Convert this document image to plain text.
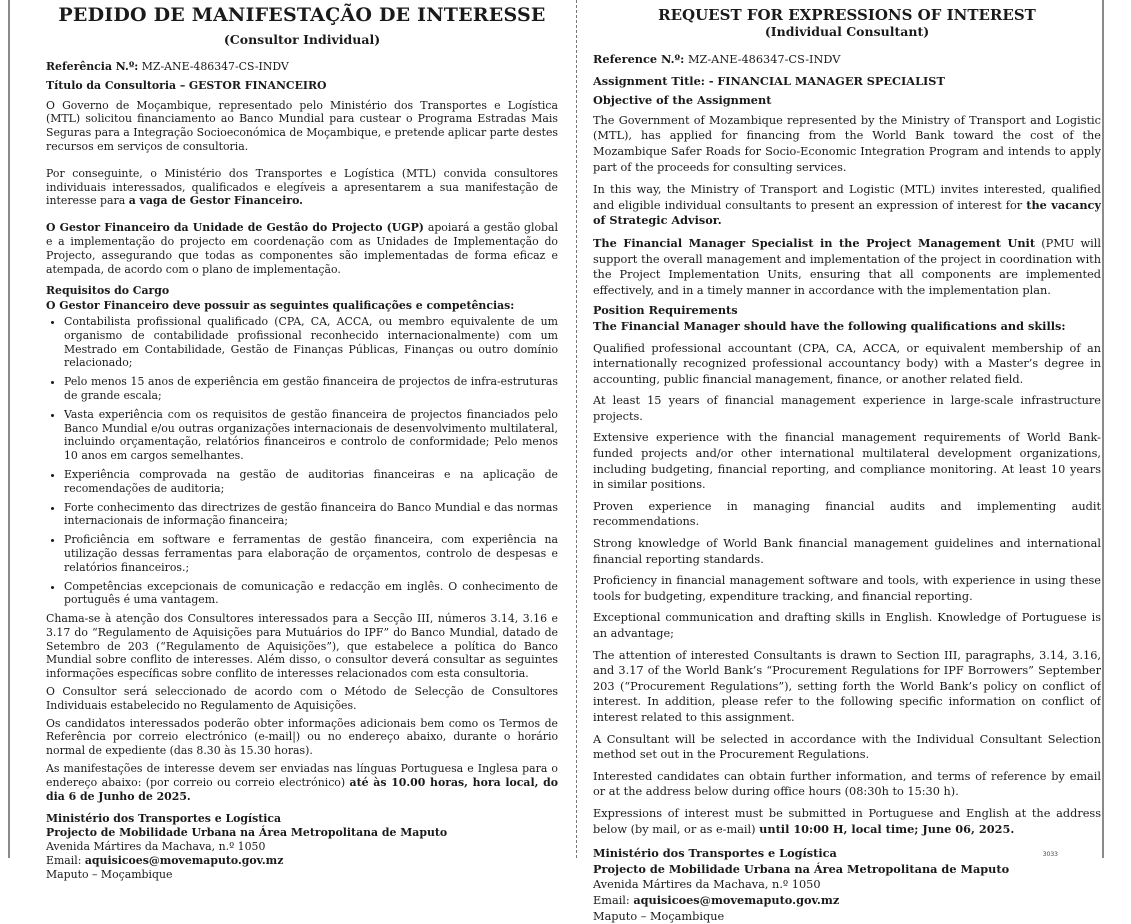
PEDIDO DE MANIFESTAÇÃO DE INTERESSE
(Consultor Individual)

Referência N.º: MZ-ANE-486347-CS-INDV

Título da Consultoria – GESTOR FINANCEIRO

O Governo de Moçambique, representado pelo Ministério dos Transportes e Logística (MTL) solicitou financiamento ao Banco Mundial para custear o Programa Estradas Mais Seguras para a Integração Socioeconómica de Moçambique, e pretende aplicar parte destes recursos em serviços de consultoria.

Por conseguinte, o Ministério dos Transportes e Logística (MTL) convida consultores individuais interessados, qualificados e elegíveis a apresentarem a sua manifestação de interesse para a vaga de Gestor Financeiro.

O Gestor Financeiro da Unidade de Gestão do Projecto (UGP) apoiará a gestão global e a implementação do projecto em coordenação com as Unidades de Implementação do Projecto, assegurando que todas as componentes são implementadas de forma eficaz e atempada, de acordo com o plano de implementação.

Requisitos do Cargo

O Gestor Financeiro deve possuir as seguintes qualificações e competências:

• Contabilista profissional qualificado (CPA, CA, ACCA, ou membro equivalente de um organismo de contabilidade profissional reconhecido internacionalmente) com um Mestrado em Contabilidade, Gestão de Finanças Públicas, Finanças ou outro domínio relacionado;
• Pelo menos 15 anos de experiência em gestão financeira de projectos de infra-estruturas de grande escala;
• Vasta experiência com os requisitos de gestão financeira de projectos financiados pelo Banco Mundial e/ou outras organizações internacionais de desenvolvimento multilateral, incluindo orçamentação, relatórios financeiros e controlo de conformidade; Pelo menos 10 anos em cargos semelhantes.
• Experiência comprovada na gestão de auditorias financeiras e na aplicação de recomendações de auditoria;
• Forte conhecimento das directrizes de gestão financeira do Banco Mundial e das normas internacionais de informação financeira;
• Proficiência em software e ferramentas de gestão financeira, com experiência na utilização dessas ferramentas para elaboração de orçamentos, controlo de despesas e relatórios financeiros.;
• Competências excepcionais de comunicação e redacção em inglês. O conhecimento de português é uma vantagem.

Chama-se à atenção dos Consultores interessados para a Secção III, números 3.14, 3.16 e 3.17 do “Regulamento de Aquisições para Mutuários do IPF” do Banco Mundial, datado de Setembro de 203 (“Regulamento de Aquisições”), que estabelece a política do Banco Mundial sobre conflito de interesses. Além disso, o consultor deverá consultar as seguintes informações específicas sobre conflito de interesses relacionados com esta consultoria.

O Consultor será seleccionado de acordo com o Método de Selecção de Consultores Individuais estabelecido no Regulamento de Aquisições.

Os candidatos interessados poderão obter informações adicionais bem como os Termos de Referência por correio electrónico (e-mail|) ou no endereço abaixo, durante o horário normal de expediente (das 8.30 às 15.30 horas).

As manifestações de interesse devem ser enviadas nas línguas Portuguesa e Inglesa para o endereço abaixo: (por correio ou correio electrónico) até às 10.00 horas, hora local, do dia 6 de Junho de 2025.

Ministério dos Transportes e Logística

Projecto de Mobilidade Urbana na Área Metropolitana de Maputo

Avenida Mártires da Machava, n.º 1050

Email: aquisicoes@movemaputo.gov.mz

Maputo – Moçambique

REQUEST FOR EXPRESSIONS OF INTEREST
(Individual Consultant)

Reference N.º: MZ-ANE-486347-CS-INDV

Assignment Title: - FINANCIAL MANAGER SPECIALIST

Objective of the Assignment

The Government of Mozambique represented by the Ministry of Transport and Logistic (MTL), has applied for financing from the World Bank toward the cost of the Mozambique Safer Roads for Socio-Economic Integration Program and intends to apply part of the proceeds for consulting services.

In this way, the Ministry of Transport and Logistic (MTL) invites interested, qualified and eligible individual consultants to present an expression of interest for the vacancy of Strategic Advisor.

The Financial Manager Specialist in the Project Management Unit (PMU will support the overall management and implementation of the project in coordination with the Project Implementation Units, ensuring that all components are implemented effectively, and in a timely manner in accordance with the implementation plan.

Position Requirements

The Financial Manager should have the following qualifications and skills:

Qualified professional accountant (CPA, CA, ACCA, or equivalent membership of an internationally recognized professional accountancy body) with a Master’s degree in accounting, public financial management, finance, or another related field.

At least 15 years of financial management experience in large-scale infrastructure projects.

Extensive experience with the financial management requirements of World Bank-funded projects and/or other international multilateral development organizations, including budgeting, financial reporting, and compliance monitoring. At least 10 years in similar positions.

Proven experience in managing financial audits and implementing audit recommendations.

Strong knowledge of World Bank financial management guidelines and international financial reporting standards.

Proficiency in financial management software and tools, with experience in using these tools for budgeting, expenditure tracking, and financial reporting.

Exceptional communication and drafting skills in English. Knowledge of Portuguese is an advantage;

The attention of interested Consultants is drawn to Section III, paragraphs, 3.14, 3.16, and 3.17 of the World Bank’s “Procurement Regulations for IPF Borrowers” September 203 (“Procurement Regulations”), setting forth the World Bank’s policy on conflict of interest. In addition, please refer to the following specific information on conflict of interest related to this assignment.

A Consultant will be selected in accordance with the Individual Consultant Selection method set out in the Procurement Regulations.

Interested candidates can obtain further information, and terms of reference by email or at the address below during office hours (08:30h to 15:30 h).

Expressions of interest must be submitted in Portuguese and English at the address below (by mail, or as e-mail) until 10:00 H, local time; June 06, 2025.

Ministério dos Transportes e Logística

Projecto de Mobilidade Urbana na Área Metropolitana de Maputo

Avenida Mártires da Machava, n.º 1050

Email: aquisicoes@movemaputo.gov.mz

Maputo – Moçambique

3033
